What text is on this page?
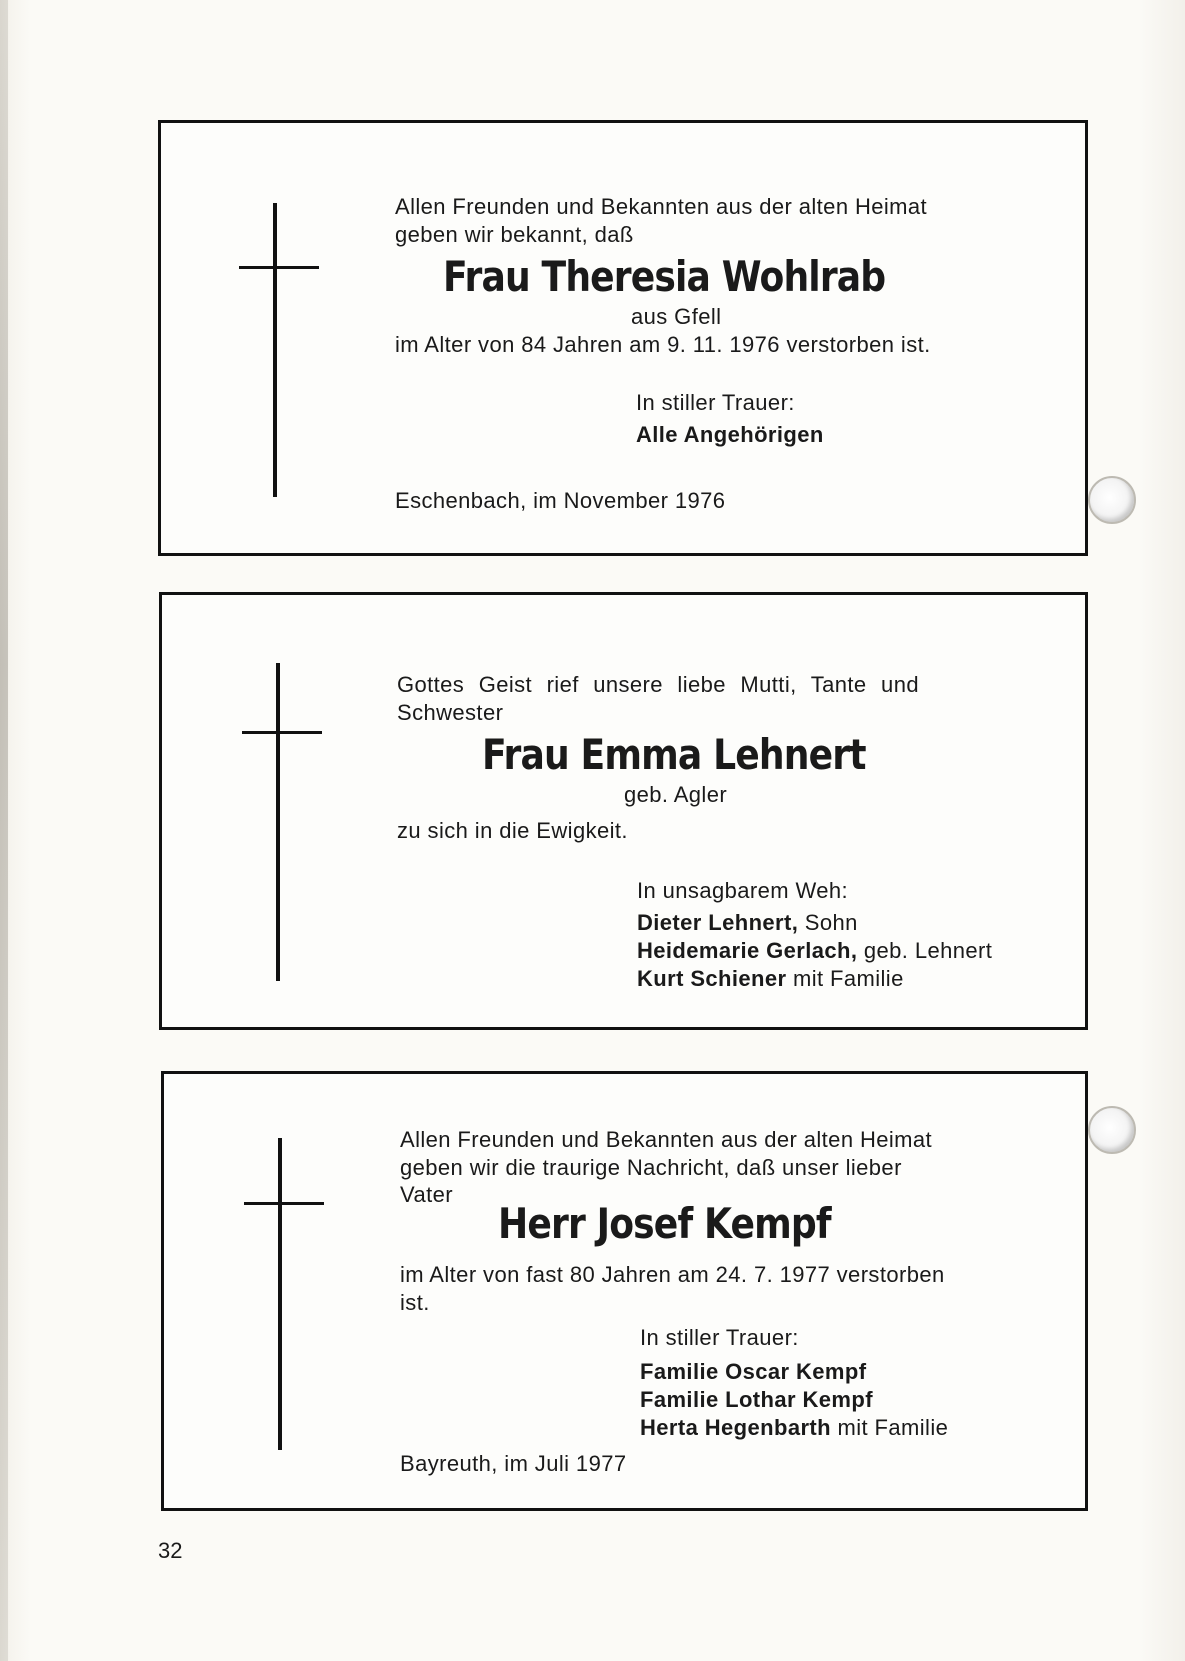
Allen Freunden und Bekannten aus der alten Heimat
geben wir bekannt, daß
Frau Theresia Wohlrab
aus Gfell
im Alter von 84 Jahren am 9. 11. 1976 verstorben ist.
In stiller Trauer:
Alle Angehörigen
Eschenbach, im November 1976
Gottes Geist rief unsere liebe Mutti, Tante und
Schwester
Frau Emma Lehnert
geb. Agler
zu sich in die Ewigkeit.
In unsagbarem Weh:
Dieter Lehnert, Sohn
Heidemarie Gerlach, geb. Lehnert
Kurt Schiener mit Familie
Allen Freunden und Bekannten aus der alten Heimat
geben wir die traurige Nachricht, daß unser lieber
Vater
Herr Josef Kempf
im Alter von fast 80 Jahren am 24. 7. 1977 verstorben
ist.
In stiller Trauer:
Familie Oscar Kempf
Familie Lothar Kempf
Herta Hegenbarth mit Familie
Bayreuth, im Juli 1977
32
